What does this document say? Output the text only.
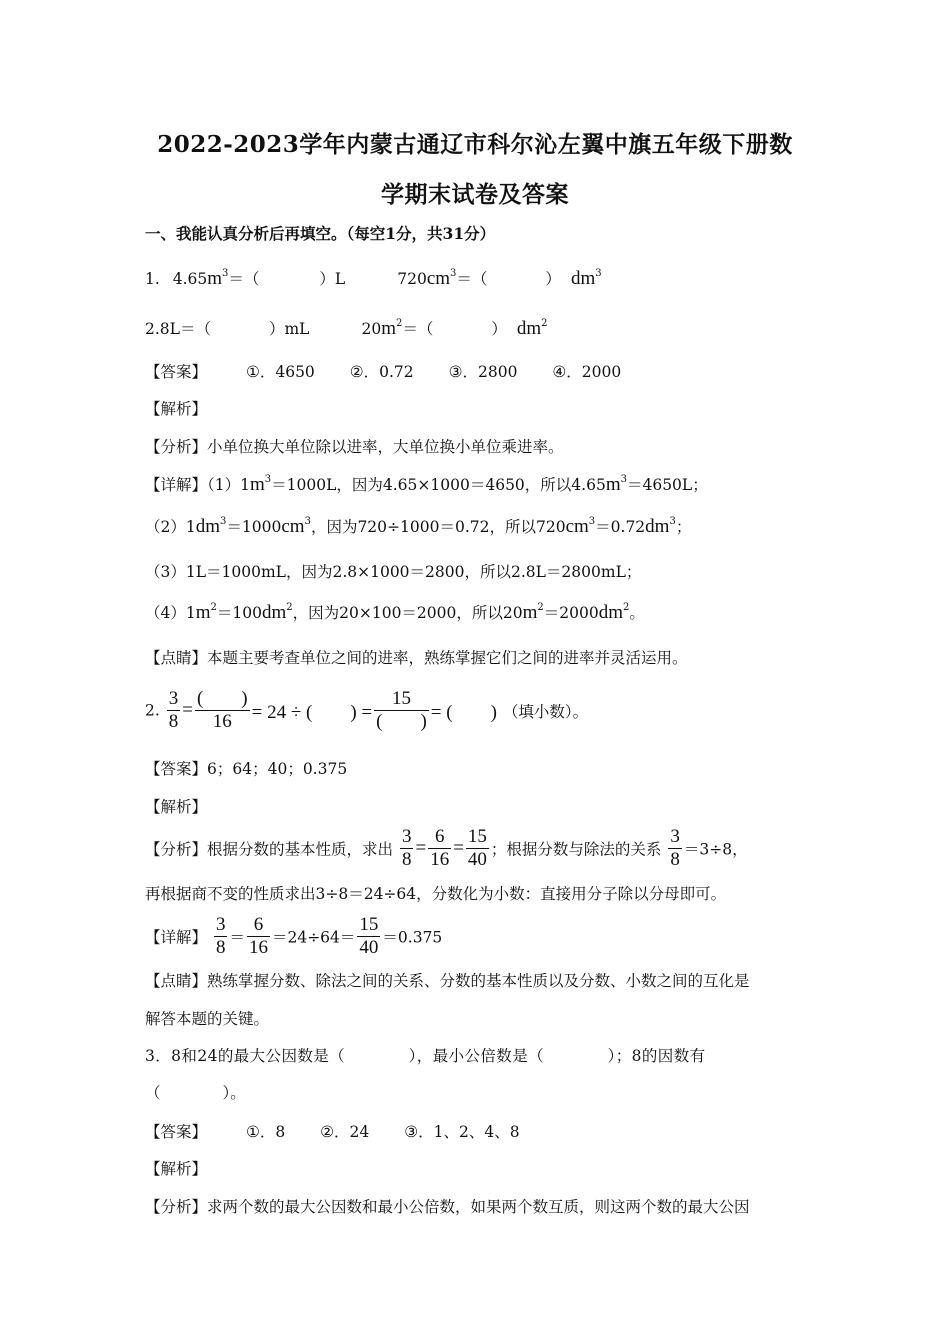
2022-2023学年内蒙古通辽市科尔沁左翼中旗五年级下册数
学期末试卷及答案
一、我能认真分析后再填空。（每空1分，共31分）
1. $4.65m^3=$（	）L	$720cm^3=$（	） $dm^3$
2.8L＝（	）mL	$20m^2=$（	） $dm^2$
【答案】	①．4650 ②．0.72 ③．2800 ④．2000
【解析】
【分析】小单位换大单位除以进率，大单位换小单位乘进率。
【详解】$(1)1m^3=1000L$，因为4.65×1000＝4650，所以$4.65m^3=4650L$；
$(2)1dm^3=1000cm^3$，因为720÷1000＝0.72，所以$720cm^3=0.72dm^3$；
（3）1L＝1000mL，因为2.8×1000＝2800，所以2.8L＝2800mL；
$(4)1m^2=100dm^2$，因为20×100＝2000，所以$20m^2=2000dm^2$。
【点睛】本题主要考查单位之间的进率，熟练掌握它们之间的进率并灵活运用。
2. $\frac{3}{8} = \frac{( )}{16} = 24$ ÷ (　　) = $\frac{15}{( )}$ = (　　) （填小数）。
【答案】6；64；40；0.375
【解析】
【分析】根据分数的基本性质，求出 $\frac{3}{8} = \frac{6}{16} = \frac{15}{40}$ ；根据分数与除法的关系 $\frac{3}{8} =3\div 8$，
再根据商不变的性质求出3÷8＝24÷64，分数化为小数：直接用分子除以分母即可。
【详解】 $\frac{3}{8} = \frac{6}{16} =24\div 64= \frac{15}{40} =0.375$
【点睛】熟练掌握分数、除法之间的关系、分数的基本性质以及分数、小数之间的互化是
解答本题的关键。
3．8和24的最大公因数是（　　　　），最小公倍数是（　　　　）；8的因数有
（　　　　）。
【答案】	①．8 ②．24 ③．1、2、4、8
【解析】
【分析】求两个数的最大公因数和最小公倍数，如果两个数互质，则这两个数的最大公因
